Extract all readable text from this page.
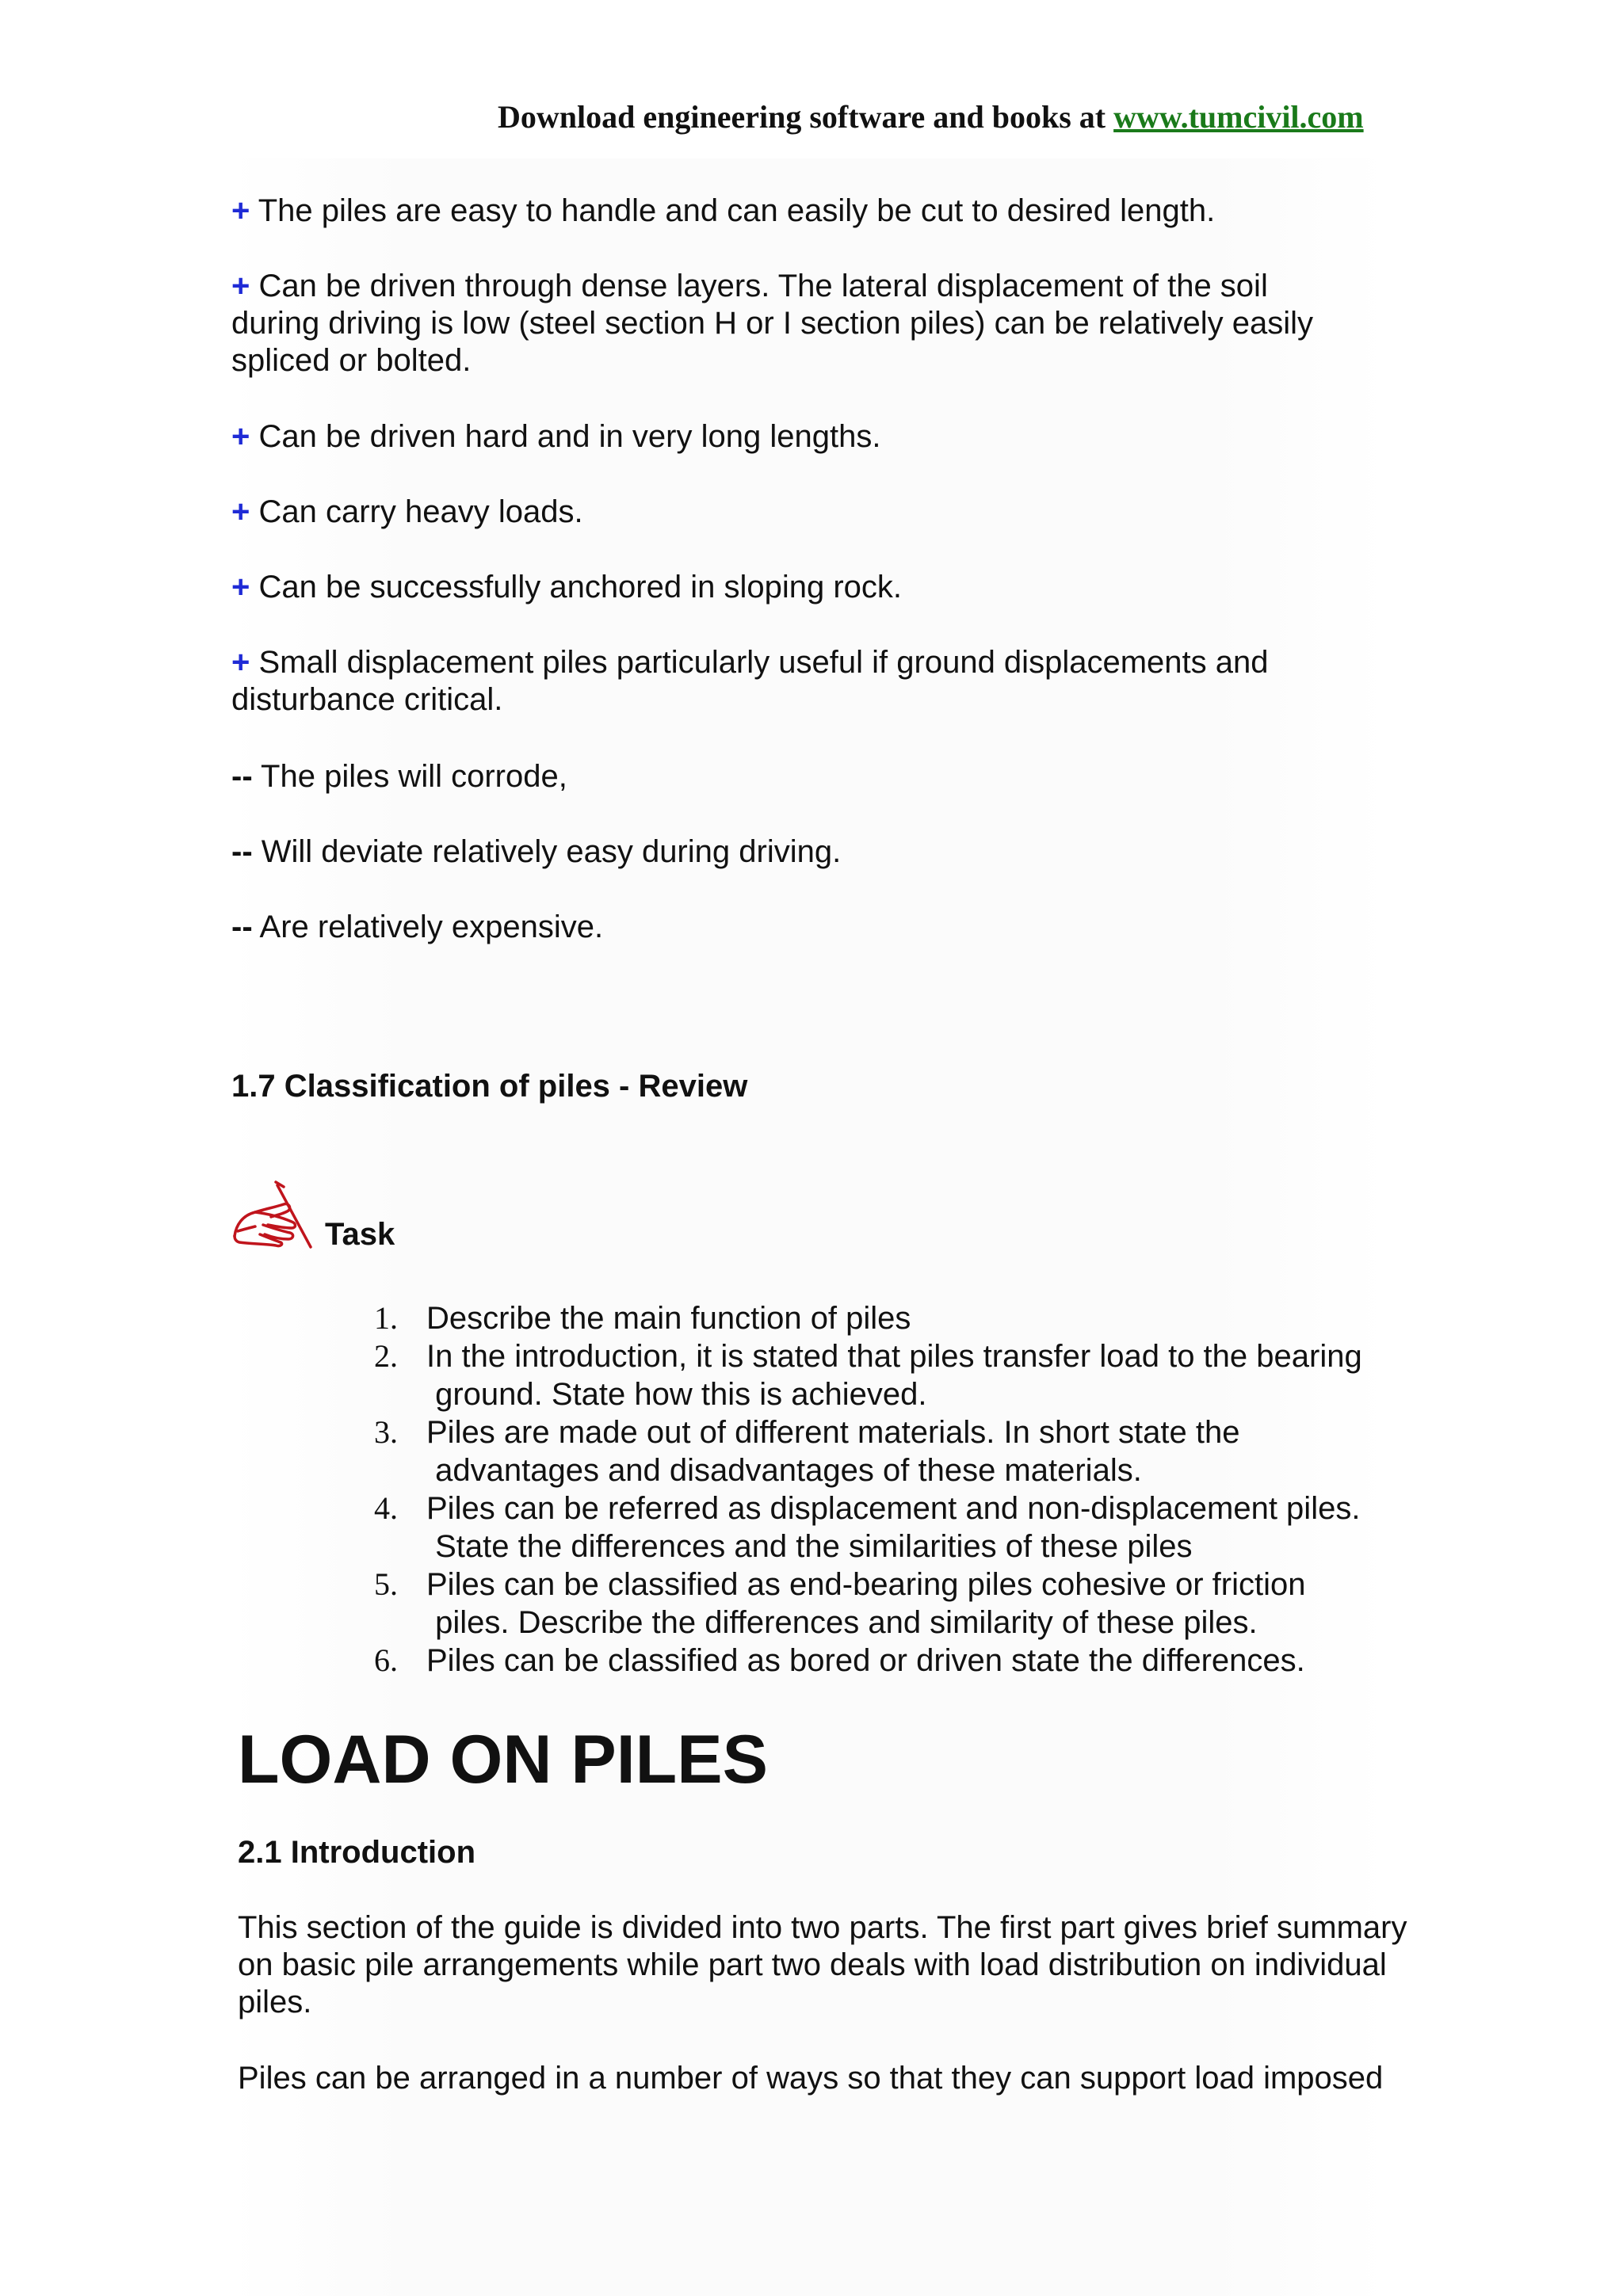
Download engineering software and books at www.tumcivil.com
+ The piles are easy to handle and can easily be cut to desired length.
+ Can be driven through dense layers. The lateral displacement of the soil
during driving is low (steel section H or I section piles) can be relatively easily
spliced or bolted.
+ Can be driven hard and in very long lengths.
+ Can carry heavy loads.
+ Can be successfully anchored in sloping rock.
+ Small displacement piles particularly useful if ground displacements and
disturbance critical.
-- The piles will corrode,
-- Will deviate relatively easy during driving.
-- Are relatively expensive.
1.7 Classification of piles - Review
Task
1. Describe the main function of piles
2. In the introduction, it is stated that piles transfer load to the bearing
ground. State how this is achieved.
3. Piles are made out of different materials. In short state the
advantages and disadvantages of these materials.
4. Piles can be referred as displacement and non-displacement piles.
State the differences and the similarities of these piles
5. Piles can be classified as end-bearing piles cohesive or friction
piles. Describe the differences and similarity of these piles.
6. Piles can be classified as bored or driven state the differences.
LOAD ON PILES
2.1 Introduction
This section of the guide is divided into two parts. The first part gives brief summary
on basic pile arrangements while part two deals with load distribution on individual
piles.
Piles can be arranged in a number of ways so that they can support load imposed
